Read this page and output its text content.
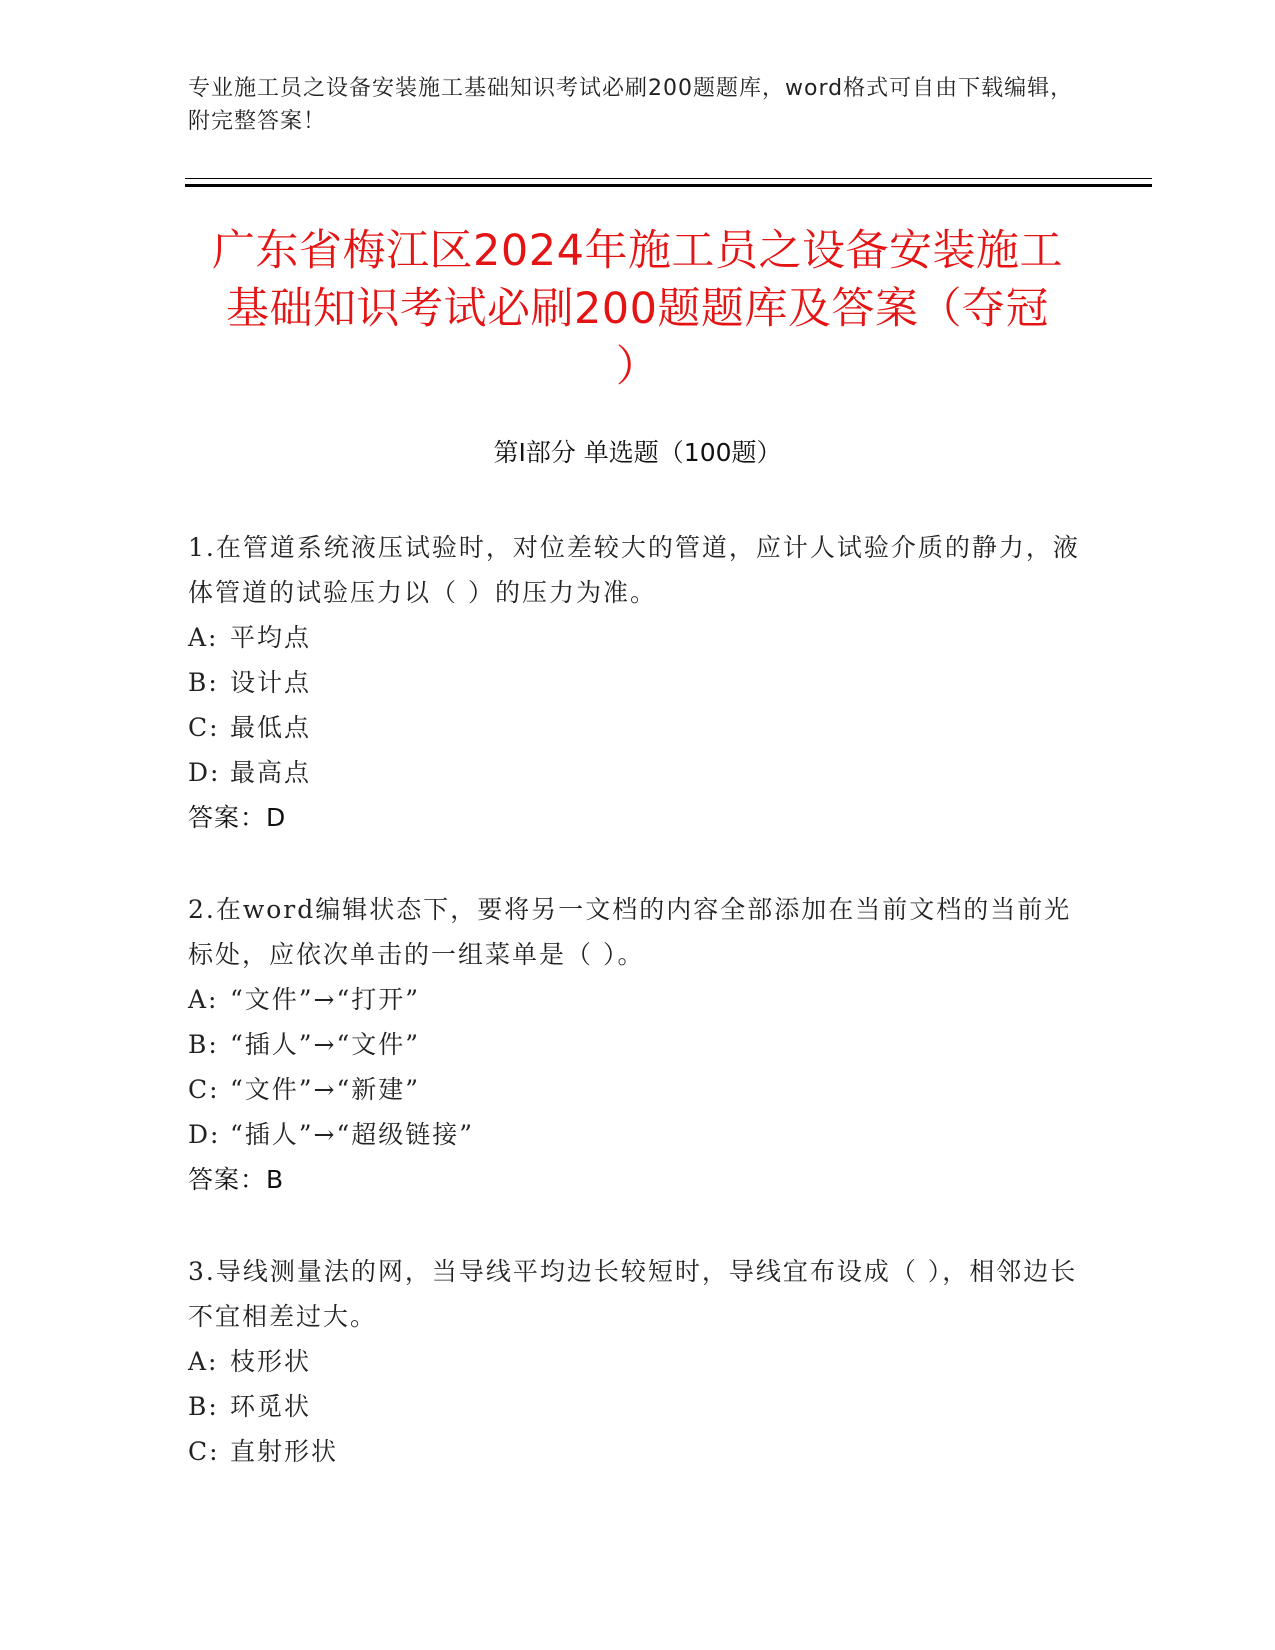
专业施工员之设备安装施工基础知识考试必刷200题题库，word格式可自由下载编辑，附完整答案！
广东省梅江区2024年施工员之设备安装施工
基础知识考试必刷200题题库及答案（夺冠
）
第Ⅰ部分 单选题（100题）
1.在管道系统液压试验时，对位差较大的管道，应计人试验介质的静力，液体管道的试验压力以（ ）的压力为准。
A: 平均点
B: 设计点
C: 最低点
D: 最高点
答案：D
2.在word编辑状态下，要将另一文档的内容全部添加在当前文档的当前光标处，应依次单击的一组菜单是（ ）。
A: “文件”→“打开”
B: “插人”→“文件”
C: “文件”→“新建”
D: “插人”→“超级链接”
答案：B
3.导线测量法的网，当导线平均边长较短时，导线宜布设成（ ），相邻边长不宜相差过大。
A: 枝形状
B: 环觅状
C: 直射形状
